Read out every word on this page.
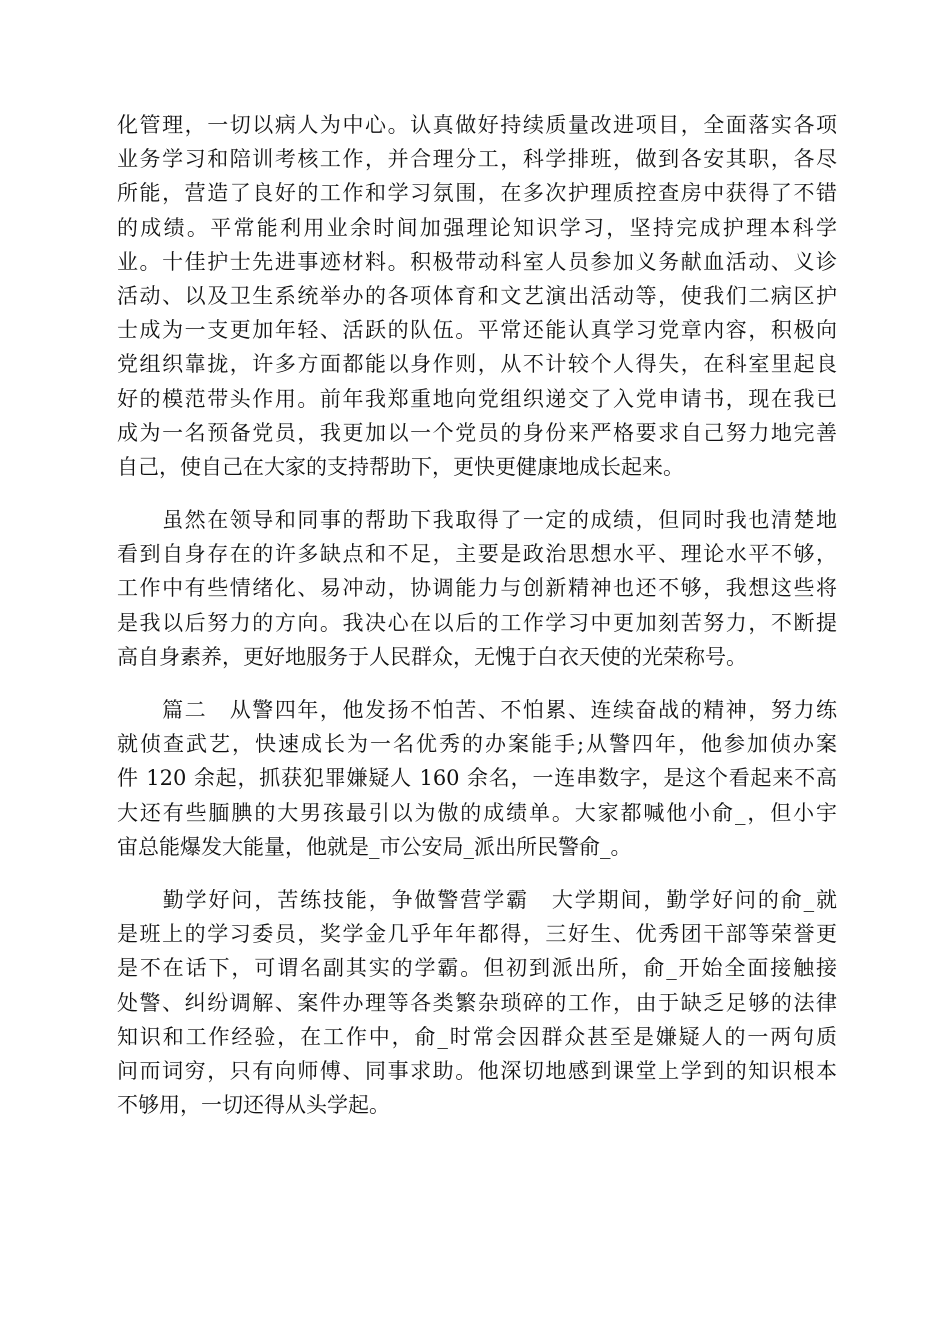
化管理，一切以病人为中心。认真做好持续质量改进项目，全面落实各项
业务学习和陪训考核工作，并合理分工，科学排班，做到各安其职，各尽
所能，营造了良好的工作和学习氛围，在多次护理质控查房中获得了不错
的成绩。平常能利用业余时间加强理论知识学习，坚持完成护理本科学
业。十佳护士先进事迹材料。积极带动科室人员参加义务献血活动、义诊
活动、以及卫生系统举办的各项体育和文艺演出活动等，使我们二病区护
士成为一支更加年轻、活跃的队伍。平常还能认真学习党章内容，积极向
党组织靠拢，许多方面都能以身作则，从不计较个人得失，在科室里起良
好的模范带头作用。前年我郑重地向党组织递交了入党申请书，现在我已
成为一名预备党员，我更加以一个党员的身份来严格要求自己努力地完善
自己，使自己在大家的支持帮助下，更快更健康地成长起来。
　　虽然在领导和同事的帮助下我取得了一定的成绩，但同时我也清楚地
看到自身存在的许多缺点和不足，主要是政治思想水平、理论水平不够，
工作中有些情绪化、易冲动，协调能力与创新精神也还不够，我想这些将
是我以后努力的方向。我决心在以后的工作学习中更加刻苦努力，不断提
高自身素养，更好地服务于人民群众，无愧于白衣天使的光荣称号。
　　篇二　从警四年，他发扬不怕苦、不怕累、连续奋战的精神，努力练
就侦查武艺，快速成长为一名优秀的办案能手;从警四年，他参加侦办案
件 120 余起，抓获犯罪嫌疑人 160 余名，一连串数字，是这个看起来不高
大还有些腼腆的大男孩最引以为傲的成绩单。大家都喊他小俞_，但小宇
宙总能爆发大能量，他就是_市公安局_派出所民警俞_。
　　勤学好问，苦练技能，争做警营学霸　大学期间，勤学好问的俞_就
是班上的学习委员，奖学金几乎年年都得，三好生、优秀团干部等荣誉更
是不在话下，可谓名副其实的学霸。但初到派出所，俞_开始全面接触接
处警、纠纷调解、案件办理等各类繁杂琐碎的工作，由于缺乏足够的法律
知识和工作经验，在工作中，俞_时常会因群众甚至是嫌疑人的一两句质
问而词穷，只有向师傅、同事求助。他深切地感到课堂上学到的知识根本
不够用，一切还得从头学起。
